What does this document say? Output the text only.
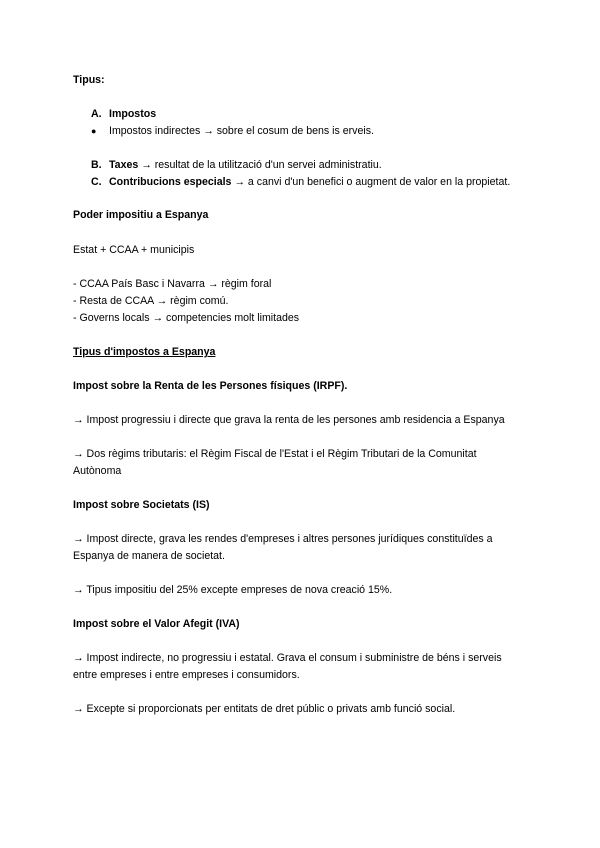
Tipus:
A. Impostos
● Impostos indirectes → sobre el cosum de bens is erveis.
B. Taxes → resultat de la utilització d'un servei administratiu.
C. Contribucions especials → a canvi d'un benefici o augment de valor en la propietat.
Poder impositiu a Espanya
Estat + CCAA + municipis
- CCAA País Basc i Navarra → règim foral
- Resta de CCAA → règim comú.
- Governs locals → competencies molt limitades
Tipus d'impostos a Espanya
Impost sobre la Renta de les Persones físiques (IRPF).
→ Impost progressiu i directe que grava la renta de les persones amb residencia a Espanya
→ Dos règims tributaris: el Règim Fiscal de l'Estat i el Règim Tributari de la Comunitat
Autònoma
Impost sobre Societats (IS)
→ Impost directe, grava les rendes d'empreses i altres persones jurídiques constituïdes a
Espanya de manera de societat.
→ Tipus impositiu del 25% excepte empreses de nova creació 15%.
Impost sobre el Valor Afegit (IVA)
→ Impost indirecte, no progressiu i estatal. Grava el consum i subministre de béns i serveis
entre empreses i entre empreses i consumidors.
→ Excepte si proporcionats per entitats de dret públic o privats amb funció social.
